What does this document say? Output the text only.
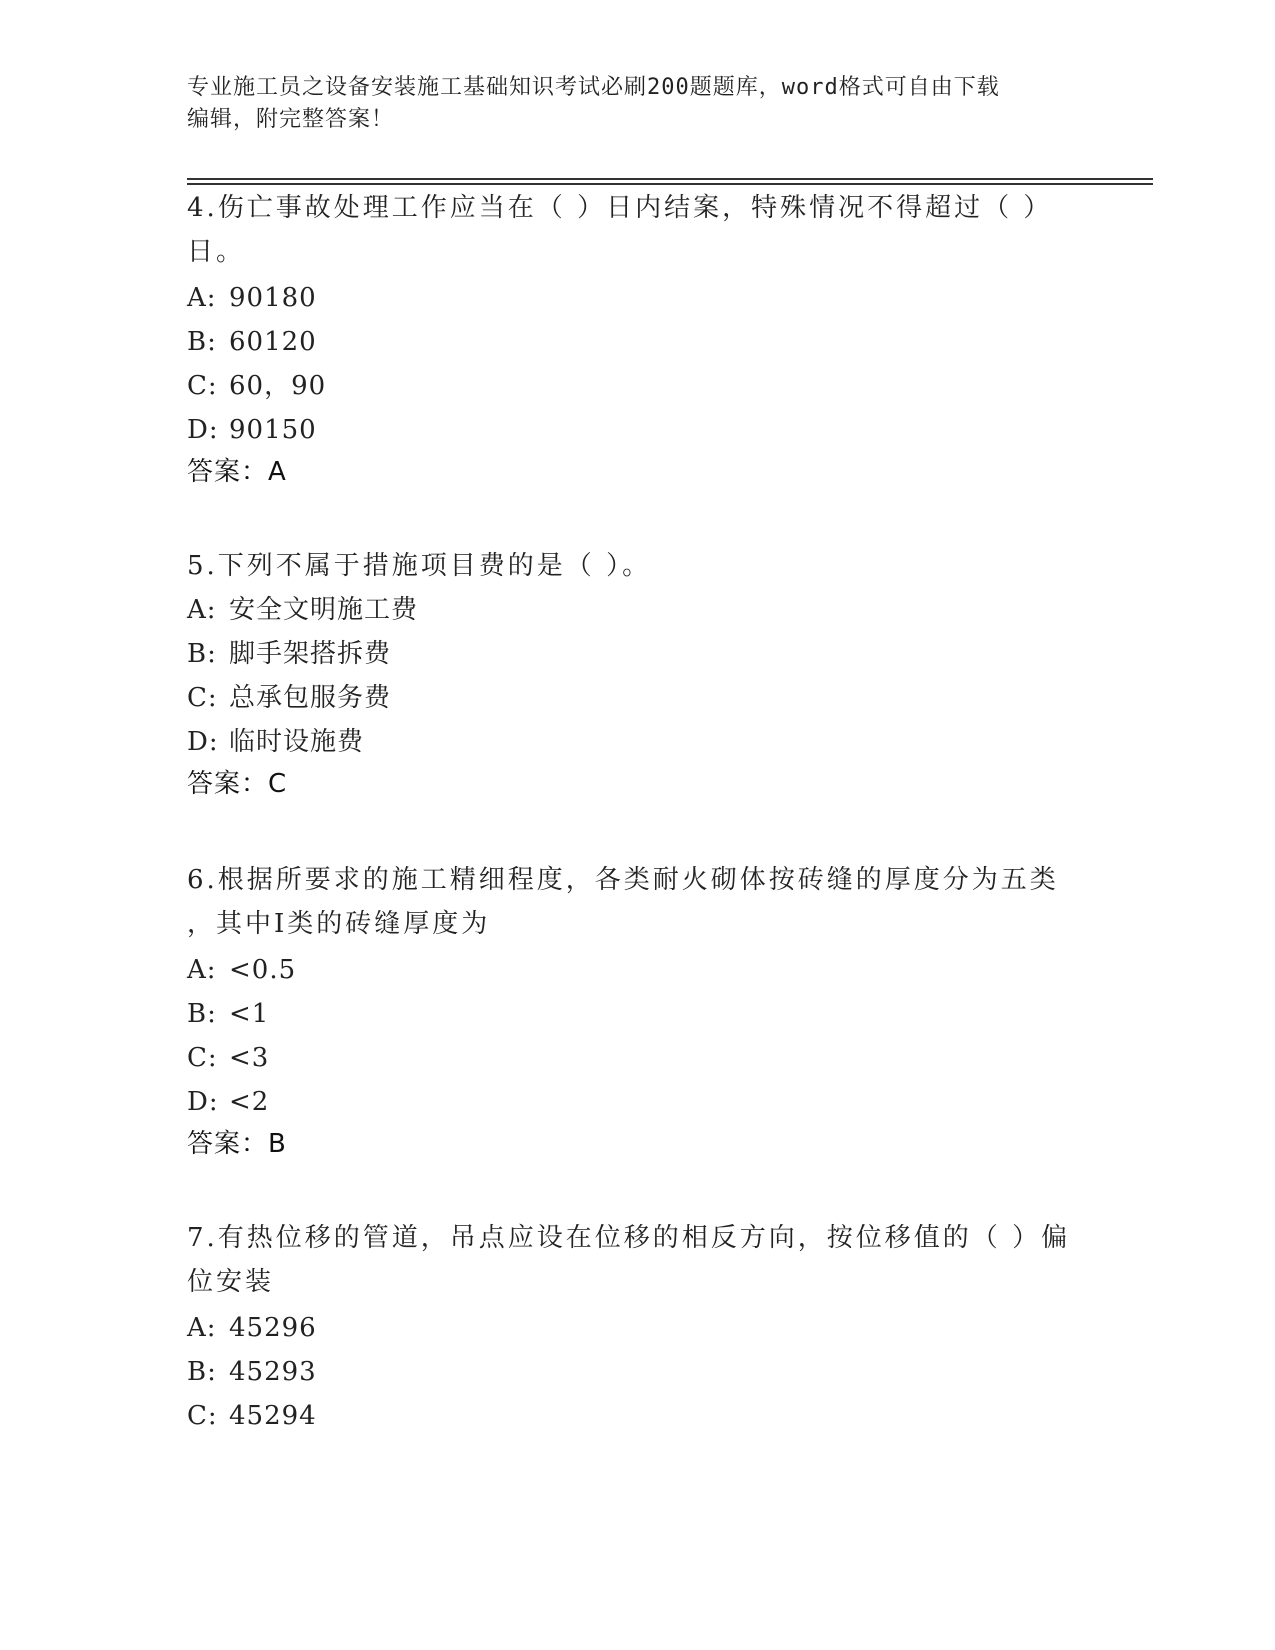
专业施工员之设备安装施工基础知识考试必刷200题题库，word格式可自由下载
编辑，附完整答案！
4.伤亡事故处理工作应当在（ ）日内结案，特殊情况不得超过（ ）
日。
A: 90180
B: 60120
C: 60，90
D: 90150
答案：A
5.下列不属于措施项目费的是（ ）。
A: 安全文明施工费
B: 脚手架搭拆费
C: 总承包服务费
D: 临时设施费
答案：C
6.根据所要求的施工精细程度，各类耐火砌体按砖缝的厚度分为五类
，其中Ⅰ类的砖缝厚度为
A: <0.5
B: <1
C: <3
D: <2
答案：B
7.有热位移的管道，吊点应设在位移的相反方向，按位移值的（ ）偏
位安装
A: 45296
B: 45293
C: 45294
